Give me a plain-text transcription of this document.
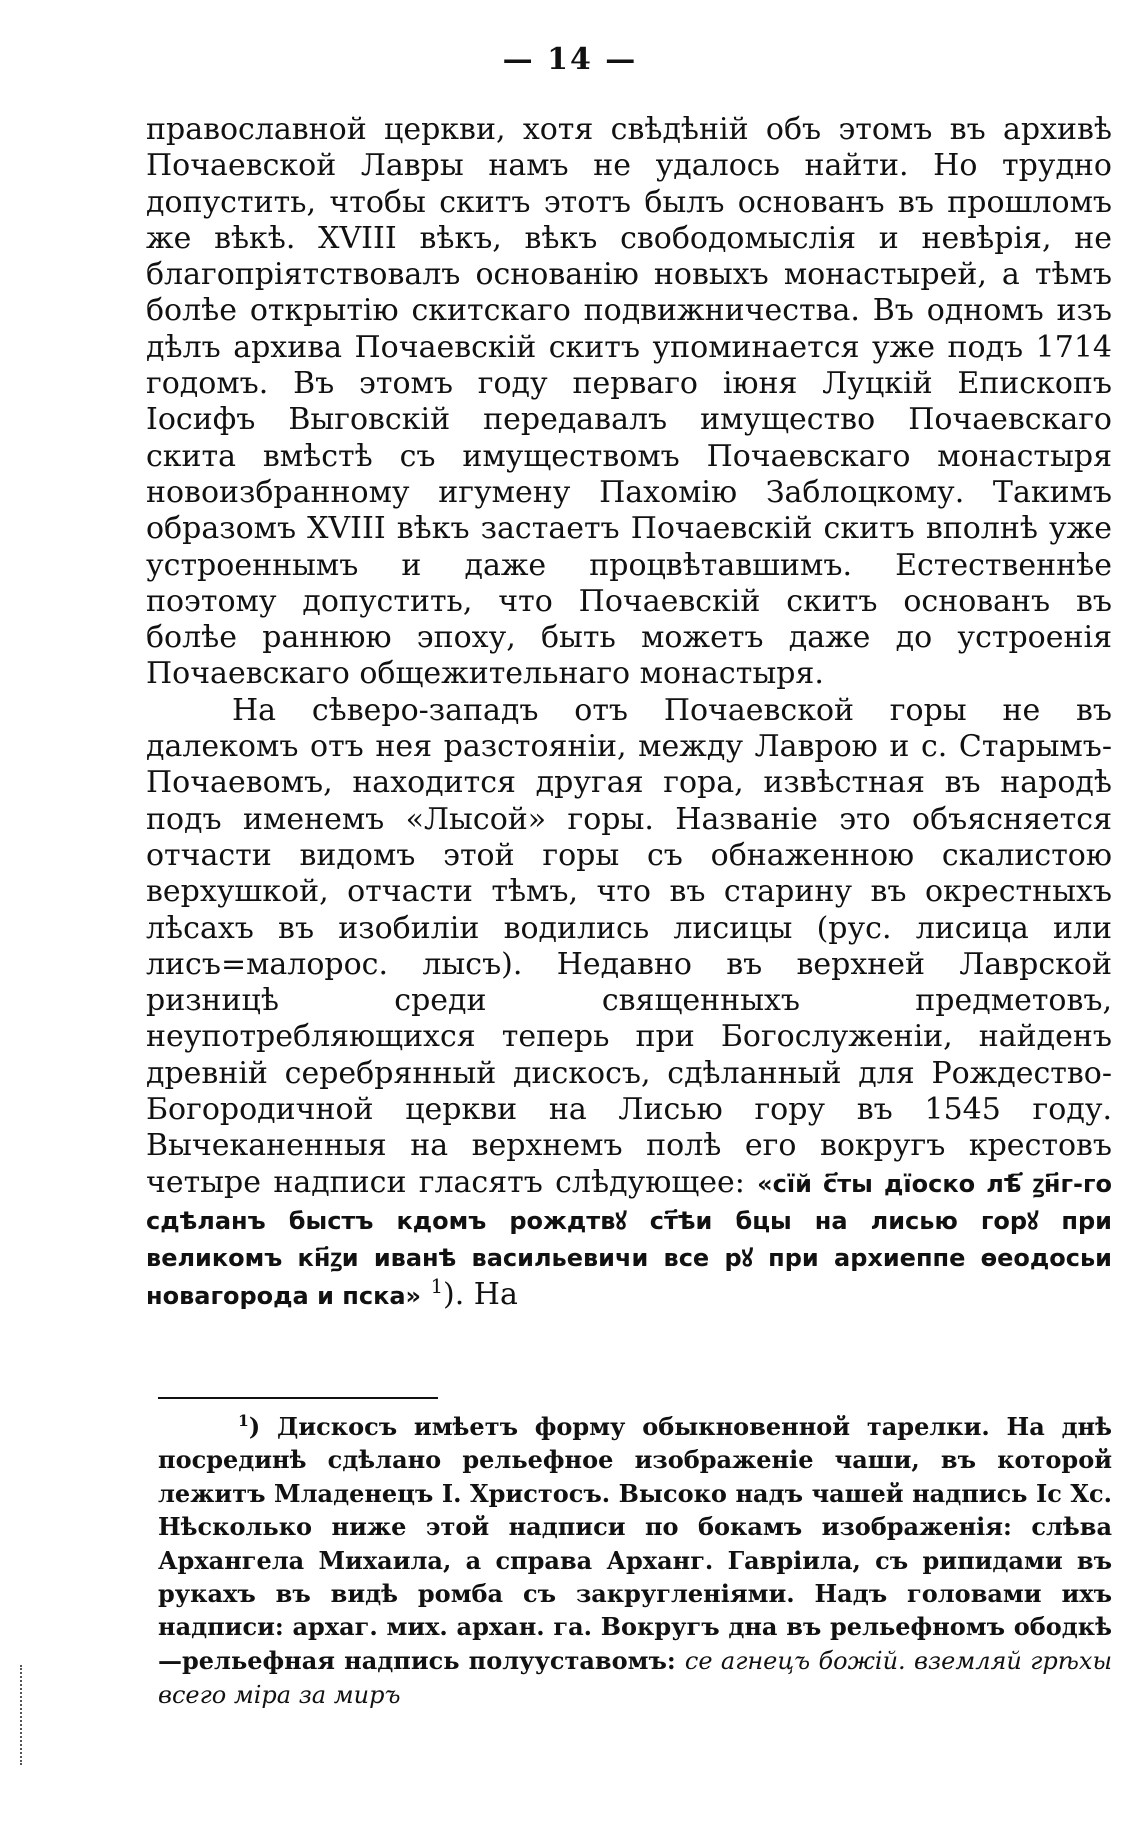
— 14 —

православной церкви, хотя свѣдѣній объ этомъ въ архивѣ Почаевской Лавры намъ не удалось найти. Но трудно допустить, чтобы скитъ этотъ былъ основанъ въ прошломъ же вѣкѣ. XVIII вѣкъ, вѣкъ свободомыслія и невѣрія, не благопріятствовалъ основанію новыхъ монастырей, а тѣмъ болѣе открытію скитскаго подвижничества. Въ одномъ изъ дѣлъ архива Почаевскій скитъ упоминается уже подъ 1714 годомъ. Въ этомъ году перваго іюня Луцкій Епископъ Іосифъ Выговскій передавалъ имущество Почаевскаго скита вмѣстѣ съ имуществомъ Почаевскаго монастыря новоизбранному игумену Пахомію Заблоцкому. Такимъ образомъ XVIII вѣкъ застаетъ Почаевскій скитъ вполнѣ уже устроеннымъ и даже процвѣтавшимъ. Естественнѣе поэтому допустить, что Почаевскій скитъ основанъ въ болѣе раннюю эпоху, быть можетъ даже до устроенія Почаевскаго общежительнаго монастыря.

На сѣверо-западъ отъ Почаевской горы не въ далекомъ отъ нея разстояніи, между Лаврою и с. Старымъ-Почаевомъ, находится другая гора, извѣстная въ народѣ подъ именемъ «Лысой» горы. Названіе это объясняется отчасти видомъ этой горы съ обнаженною скалистою верхушкой, отчасти тѣмъ, что въ старину въ окрестныхъ лѣсахъ въ изобиліи водились лисицы (рус. лисица или лисъ=малорос. лысъ). Недавно въ верхней Лаврской ризницѣ среди священныхъ предметовъ, неупотребляющихся теперь при Богослуженіи, найденъ древній серебрянный дискосъ, сдѣланный для Рождество-Богородичной церкви на Лисью гору въ 1545 году. Вычеканенныя на верхнемъ полѣ его вокругъ крестовъ четыре надписи гласятъ слѣдующее: «сїй с҃ты дїоско лѣ҃ ꙁн҃г-го сдѣланъ быстъ кдомъ рождтвꙋ ст҃ѣи бцы на лисью горꙋ при великомъ кн҃ꙁи иванѣ васильевичи все рꙋ при архиеппе ѳеодосьи новагорода и пска» $^1$). На

$^1$) Дискосъ имѣетъ форму обыкновенной тарелки. На днѣ посрединѣ сдѣлано рельефное изображеніе чаши, въ которой лежитъ Младенецъ І. Христосъ. Высоко надъ чашей надпись Іс Хс. Нѣсколько ниже этой надписи по бокамъ изображенія: слѣва Архангела Михаила, а справа Арханг. Гавріила, съ рипидами въ рукахъ въ видѣ ромба съ закругленіями. Надъ головами ихъ надписи: архаг. мих. архан. га. Вокругъ дна въ рельефномъ ободкѣ—рельефная надпись полууставомъ: се агнецъ божій. вземляй грѣхы всего міра за миръ
